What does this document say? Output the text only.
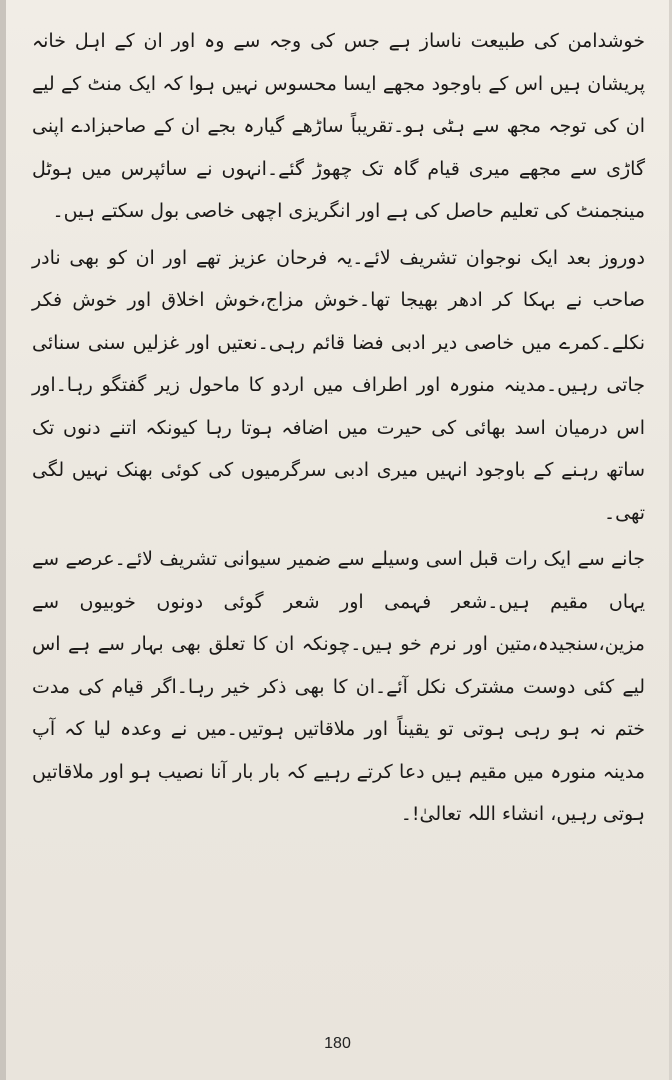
خوشدامن کی طبیعت ناساز ہے جس کی وجہ سے وہ اور ان کے اہل خانہ پریشان ہیں اس کے باوجود مجھے ایسا محسوس نہیں ہوا کہ ایک منٹ کے لیے ان کی توجہ مجھ سے ہٹی ہو۔تقریباً ساڑھے گیارہ بجے ان کے صاحبزادے اپنی گاڑی سے مجھے میری قیام گاہ تک چھوڑ گئے۔انہوں نے سائپرس میں ہوٹل مینجمنٹ کی تعلیم حاصل کی ہے اور انگریزی اچھی خاصی بول سکتے ہیں۔

دوروز بعد ایک نوجوان تشریف لائے۔یہ فرحان عزیز تھے اور ان کو بھی نادر صاحب نے بہکا کر ادھر بھیجا تھا۔خوش مزاج،خوش اخلاق اور خوش فکر نکلے۔کمرے میں خاصی دیر ادبی فضا قائم رہی۔نعتیں اور غزلیں سنی سنائی جاتی رہیں۔مدینہ منورہ اور اطراف میں اردو کا ماحول زیر گفتگو رہا۔اور اس درمیان اسد بھائی کی حیرت میں اضافہ ہوتا رہا کیونکہ اتنے دنوں تک ساتھ رہنے کے باوجود انہیں میری ادبی سرگرمیوں کی کوئی بھنک نہیں لگی تھی۔

جانے سے ایک رات قبل اسی وسیلے سے ضمیر سیوانی تشریف لائے۔عرصے سے یہاں مقیم ہیں۔شعر فہمی اور شعر گوئی دونوں خوبیوں سے مزین،سنجیدہ،متین اور نرم خو ہیں۔چونکہ ان کا تعلق بھی بہار سے ہے اس لیے کئی دوست مشترک نکل آئے۔ان کا بھی ذکر خیر رہا۔اگر قیام کی مدت ختم نہ ہو رہی ہوتی تو یقیناً اور ملاقاتیں ہوتیں۔میں نے وعدہ لیا کہ آپ مدینہ منورہ میں مقیم ہیں دعا کرتے رہیے کہ بار بار آنا نصیب ہو اور ملاقاتیں ہوتی رہیں، انشاء اللہ تعالیٰ!۔

180
